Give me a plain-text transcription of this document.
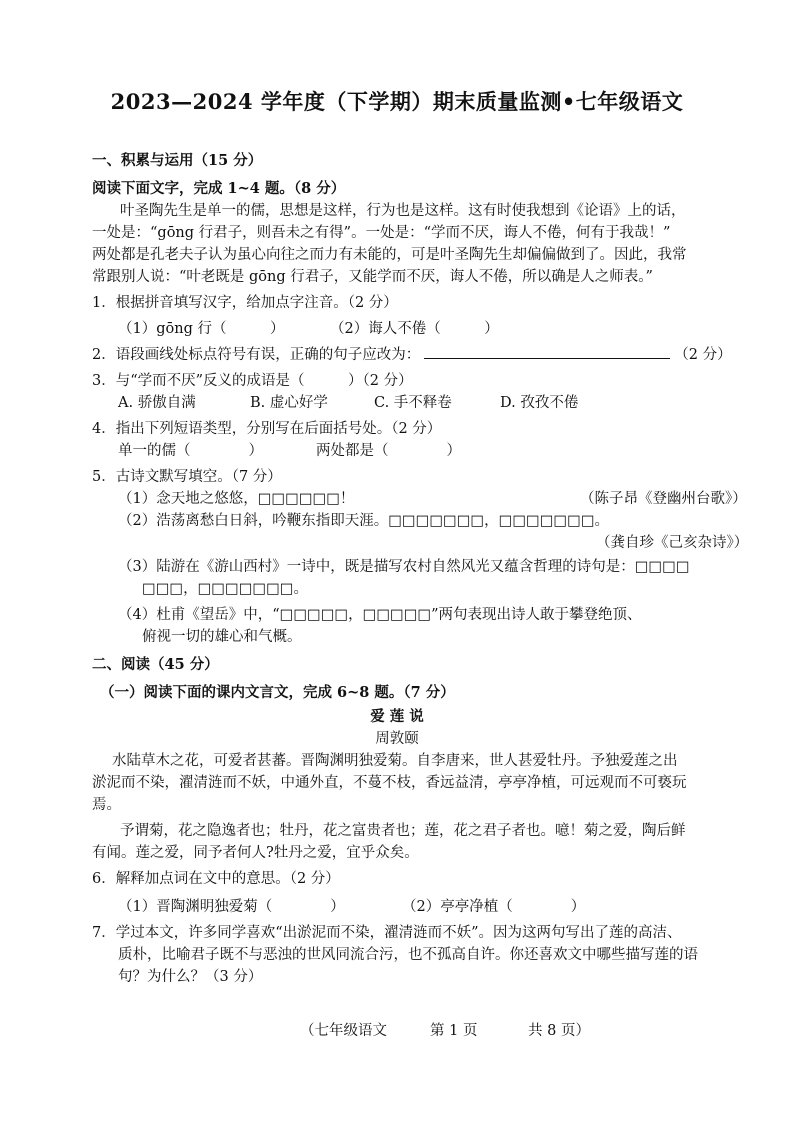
2023—2024 学年度（下学期）期末质量监测•七年级语文
一、积累与运用（15 分）
阅读下面文字，完成 1~4 题。（8 分）
叶圣陶先生是单一的儒，思想是这样，行为也是这样。这有时使我想到《论语》上的话，
一处是：“gōng 行君子，则吾未之有得”。一处是：“学而不厌，诲人不倦，何有于我哉！”
两处都是孔老夫子认为虽心向往之而力有未能的，可是叶圣陶先生却偏偏做到了。因此，我常
常跟别人说：“叶老既是 gōng 行君子，又能学而不厌，诲人不倦，所以确是人之师表。”
1．根据拼音填写汉字，给加点字注音。（2 分）
（1）gōng 行（　　　）	（2）诲人不倦（　　　）
2．语段画线处标点符号有误，正确的句子应改为：	（2 分）
3．与“学而不厌”反义的成语是（　　　）（2 分）
A. 骄傲自满	B. 虚心好学	C. 手不释卷	D. 孜孜不倦
4．指出下列短语类型，分别写在后面括号处。（2 分）
单一的儒（　　　　）	两处都是（　　　　）
5．古诗文默写填空。（7 分）
（1）念天地之悠悠，□□□□□□！	（陈子昂《登幽州台歌》）
（2）浩荡离愁白日斜，吟鞭东指即天涯。□□□□□□□，□□□□□□□。
（龚自珍《己亥杂诗》）
（3）陆游在《游山西村》一诗中，既是描写农村自然风光又蕴含哲理的诗句是：□□□□
□□□，□□□□□□□。
（4）杜甫《望岳》中，“□□□□□，□□□□□”两句表现出诗人敢于攀登绝顶、
俯视一切的雄心和气概。
二、阅读（45 分）
（一）阅读下面的课内文言文，完成 6~8 题。（7 分）
爱 莲 说
周敦颐
水陆草木之花，可爱者甚蕃。晋陶渊明独爱菊。自李唐来，世人甚爱牡丹。予独爱莲之出
淤泥而不染，濯清涟而不妖，中通外直，不蔓不枝，香远益清，亭亭净植，可远观而不可亵玩
焉。
予谓菊，花之隐逸者也；牡丹，花之富贵者也；莲，花之君子者也。噫！菊之爱，陶后鲜
有闻。莲之爱，同予者何人?牡丹之爱，宜乎众矣。
6．解释加点词在文中的意思。（2 分）
（1）晋陶渊明独爱菊（　　　　）	（2）亭亭净植（　　　　）
7．学过本文，许多同学喜欢“出淤泥而不染，濯清涟而不妖”。因为这两句写出了莲的高洁、
质朴，比喻君子既不与恶浊的世风同流合污，也不孤高自许。你还喜欢文中哪些描写莲的语
句？为什么？（3 分）
（七年级语文	第 1 页	共 8 页）
